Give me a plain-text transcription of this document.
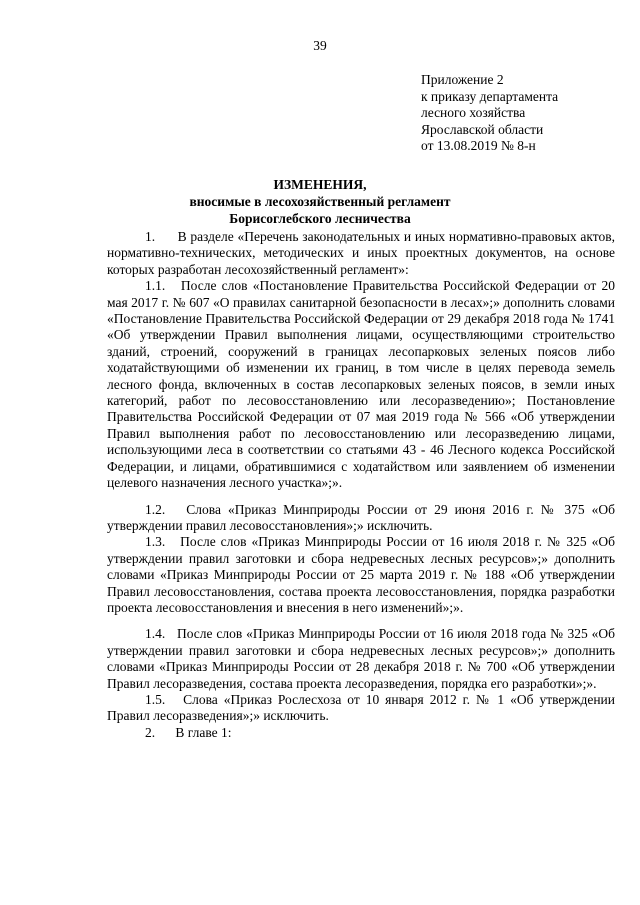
39
Приложение 2
к приказу департамента
лесного хозяйства
Ярославской области
от 13.08.2019 № 8-н
ИЗМЕНЕНИЯ,
вносимые в лесохозяйственный регламент
Борисоглебского лесничества

1.      В разделе «Перечень законодательных и иных нормативно-правовых актов, нормативно-технических, методических и иных проектных документов, на основе которых разработан лесохозяйственный регламент»:

1.1.   После слов «Постановление Правительства Российской Федерации от 20 мая 2017 г. № 607 «О правилах санитарной безопасности в лесах»;» дополнить словами «Постановление Правительства Российской Федерации от 29 декабря 2018 года № 1741 «Об утверждении Правил выполнения лицами, осуществляющими строительство зданий, строений, сооружений в границах лесопарковых зеленых поясов либо ходатайствующими об изменении их границ, в том числе в целях перевода земель лесного фонда, включенных в состав лесопарковых зеленых поясов, в земли иных категорий, работ по лесовосстановлению или лесоразведению»; Постановление Правительства Российской Федерации от 07 мая 2019 года № 566 «Об утверждении Правил выполнения работ по лесовосстановлению или лесоразведению лицами, использующими леса в соответствии со статьями 43 - 46 Лесного кодекса Российской Федерации, и лицами, обратившимися с ходатайством или заявлением об изменении целевого назначения лесного участка»;».

1.2.   Слова «Приказ Минприроды России от 29 июня 2016 г. № 375 «Об утверждении правил лесовосстановления»;» исключить.

1.3.   После слов «Приказ Минприроды России от 16 июля 2018 г. № 325 «Об утверждении правил заготовки и сбора недревесных лесных ресурсов»;» дополнить словами «Приказ Минприроды России от 25 марта 2019 г. № 188 «Об утверждении Правил лесовосстановления, состава проекта лесовосстановления, порядка разработки проекта лесовосстановления и внесения в него изменений»;».

1.4.   После слов «Приказ Минприроды России от 16 июля 2018 года № 325 «Об утверждении правил заготовки и сбора недревесных лесных ресурсов»;» дополнить словами «Приказ Минприроды России от 28 декабря 2018 г. № 700 «Об утверждении Правил лесоразведения, состава проекта лесоразведения, порядка его разработки»;».

1.5.   Слова «Приказ Рослесхоза от 10 января 2012 г. № 1 «Об утверждении Правил лесоразведения»;» исключить.

2.      В главе 1:
